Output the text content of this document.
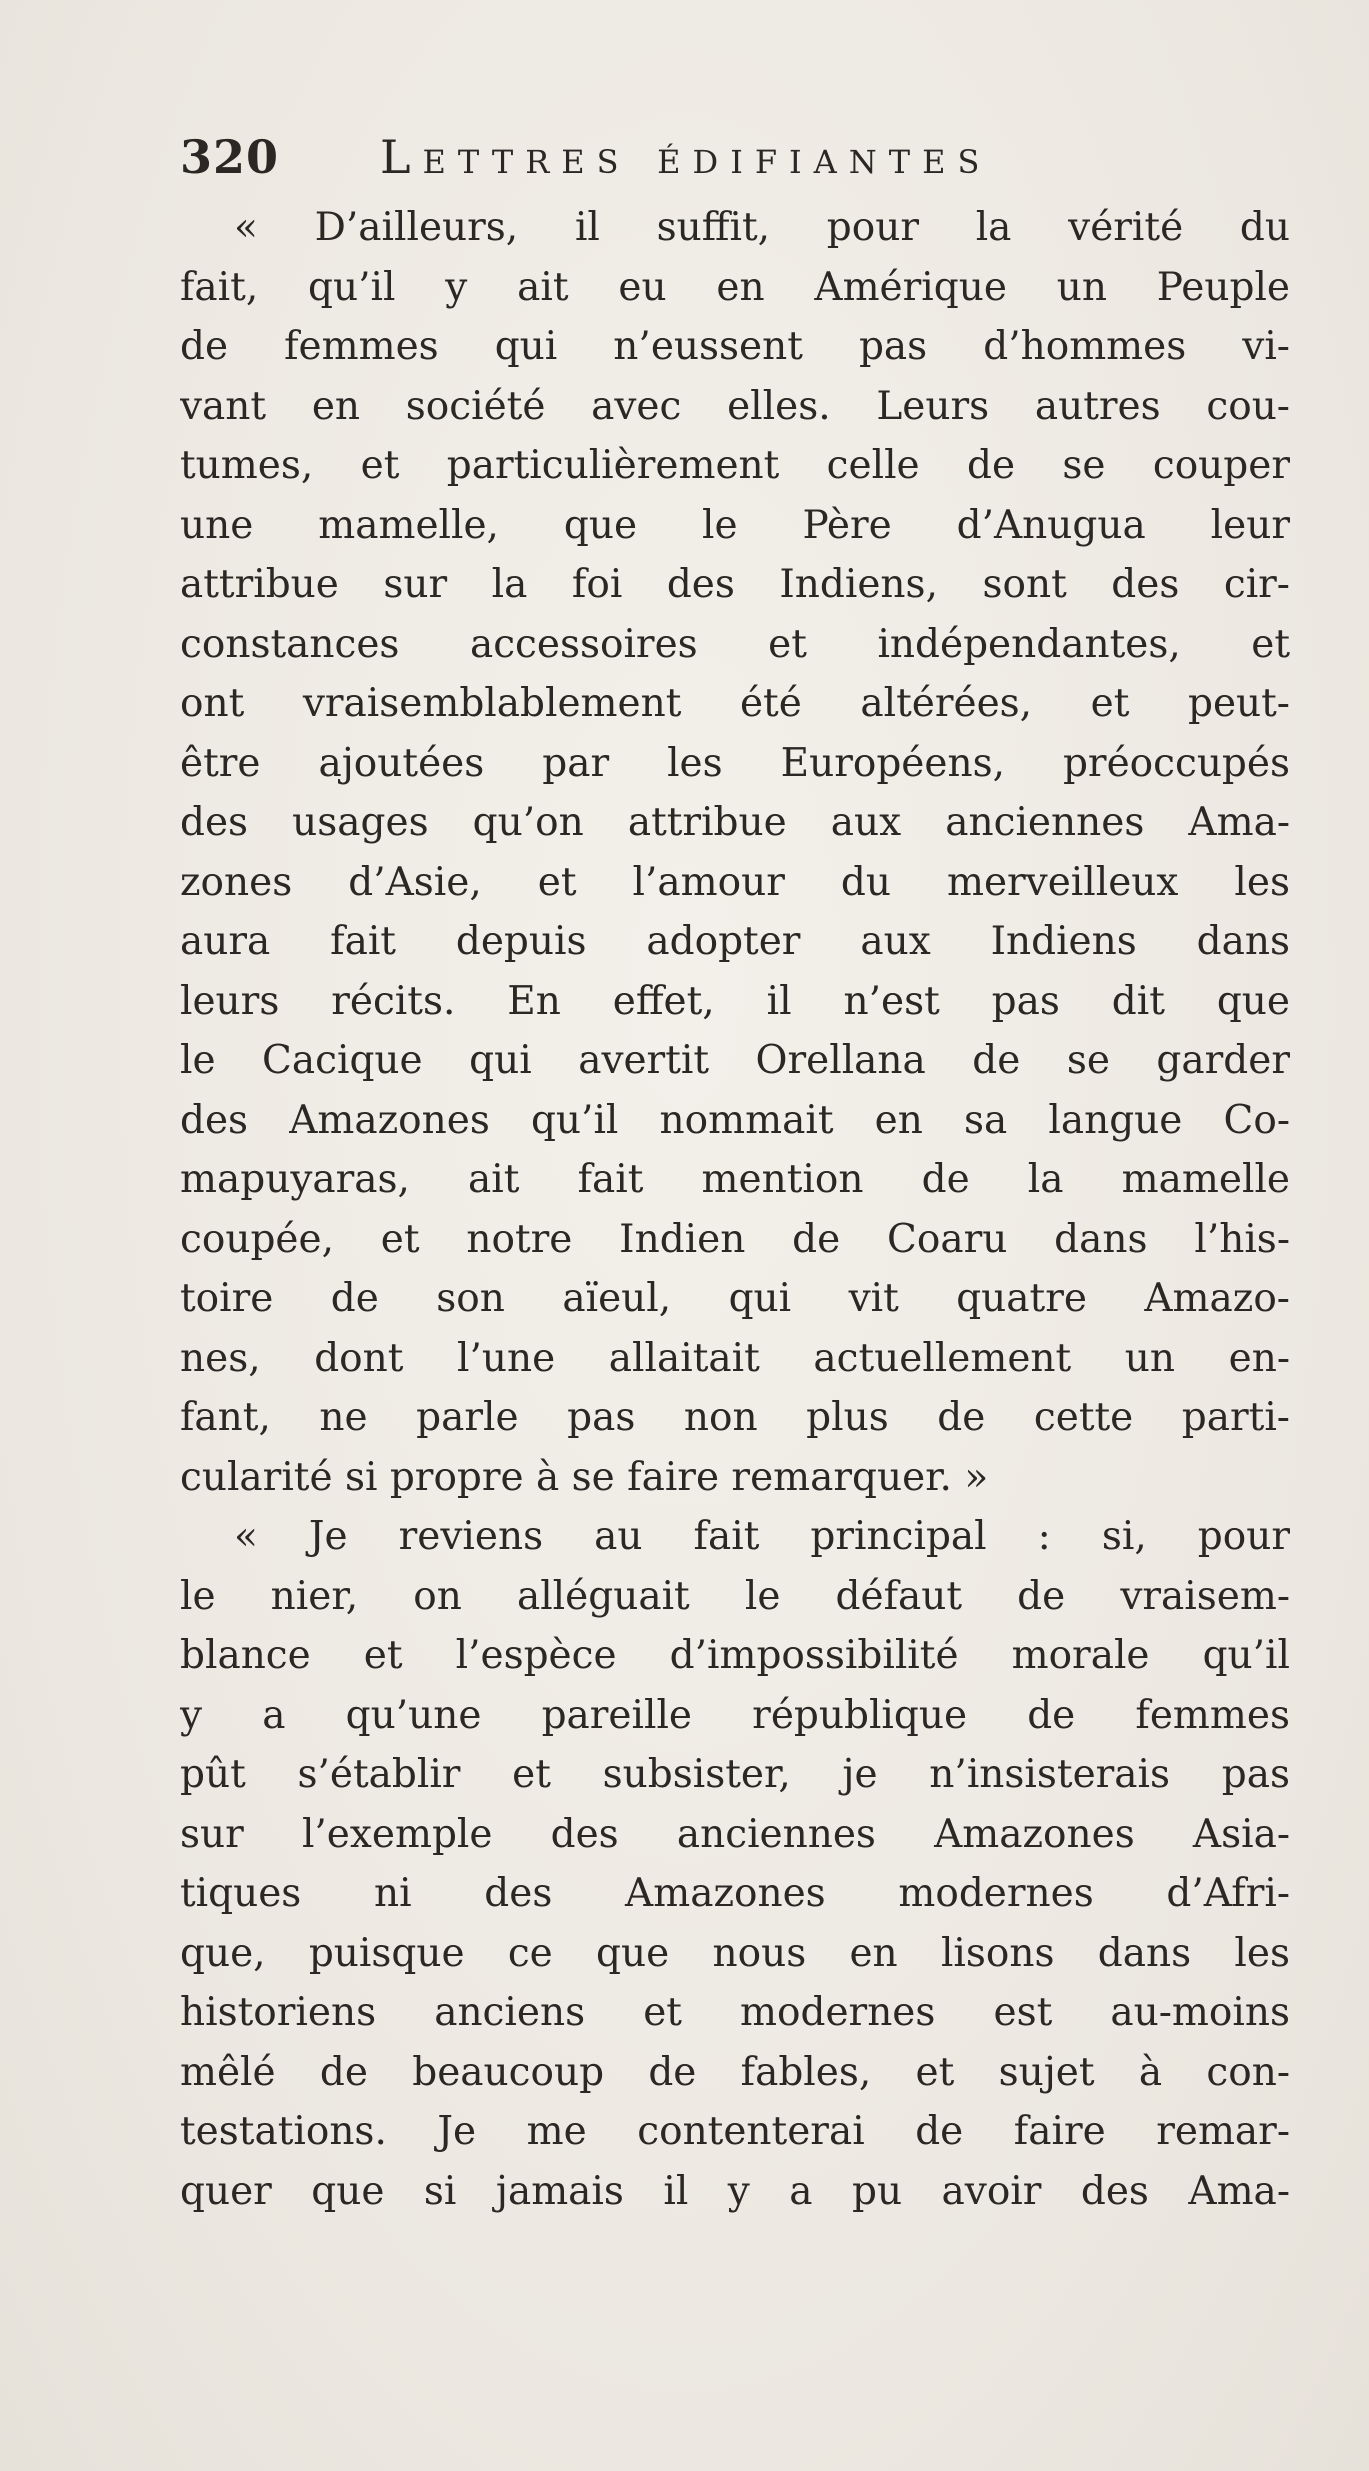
320	Lettres édifiantes
« D’ailleurs, il suffit, pour la vérité du
fait, qu’il y ait eu en Amérique un Peuple
de femmes qui n’eussent pas d’hommes vi-
vant en société avec elles. Leurs autres cou-
tumes, et particulièrement celle de se couper
une mamelle, que le Père d’Anugua leur
attribue sur la foi des Indiens, sont des cir-
constances accessoires et indépendantes, et
ont vraisemblablement été altérées, et peut-
être ajoutées par les Européens, préoccupés
des usages qu’on attribue aux anciennes Ama-
zones d’Asie, et l’amour du merveilleux les
aura fait depuis adopter aux Indiens dans
leurs récits. En effet, il n’est pas dit que
le Cacique qui avertit Orellana de se garder
des Amazones qu’il nommait en sa langue Co-
mapuyaras, ait fait mention de la mamelle
coupée, et notre Indien de Coaru dans l’his-
toire de son aïeul, qui vit quatre Amazo-
nes, dont l’une allaitait actuellement un en-
fant, ne parle pas non plus de cette parti-
cularité si propre à se faire remarquer. »
« Je reviens au fait principal : si, pour
le nier, on alléguait le défaut de vraisem-
blance et l’espèce d’impossibilité morale qu’il
y a qu’une pareille république de femmes
pût s’établir et subsister, je n’insisterais pas
sur l’exemple des anciennes Amazones Asia-
tiques ni des Amazones modernes d’Afri-
que, puisque ce que nous en lisons dans les
historiens anciens et modernes est au-moins
mêlé de beaucoup de fables, et sujet à con-
testations. Je me contenterai de faire remar-
quer que si jamais il y a pu avoir des Ama-
